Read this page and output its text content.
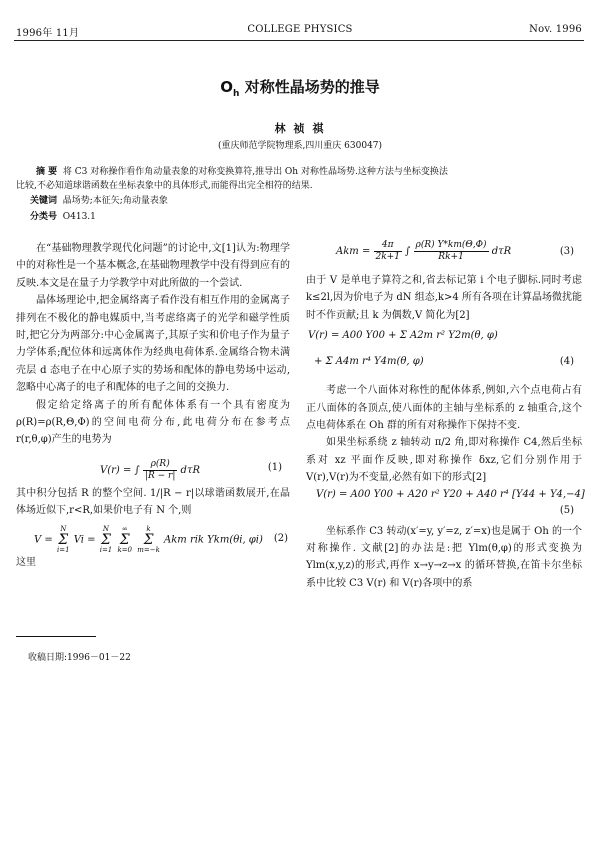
1996年 11月	COLLEGE PHYSICS	Nov. 1996
$O_h$ 对称性晶场势的推导
林 祯 祺
(重庆师范学院物理系,四川重庆 630047)
摘 要 将 C3 对称操作看作角动量表象的对称变换算符,推导出 Oh 对称性晶场势.这种方法与坐标变换法
比较,不必知道球谐函数在坐标表象中的具体形式,而能得出完全相符的结果.
关键词 晶场势;本征矢;角动量表象
分类号 O413.1

在“基础物理教学现代化问题”的讨论中,文[1]认为:物理学中的对称性是一个基本概念,在基础物理教学中没有得到应有的反映.本文是在量子力学教学中对此所做的一个尝试.

晶体场理论中,把金属络离子看作没有相互作用的金属离子排列在不极化的静电媒质中,当考虑络离子的光学和磁学性质时,把它分为两部分:中心金属离子,其原子实和价电子作为量子力学体系;配位体和远离体作为经典电荷体系.金属络合物未满壳层 d 态电子在中心原子实的势场和配体的静电势场中运动,忽略中心离子的电子和配体的电子之间的交换力.

假定给定络离子的所有配体体系有一个具有密度为 ρ(R)=ρ(R,Θ,Φ)的空间电荷分布,此电荷分布在参考点 r(r,θ,φ)产生的电势为

V(r) = ∫ $\frac{\rho(R)}{|R - r|}$ dτR	(1)

其中积分包括 R 的整个空间. 1/|R − r|以球谐函数展开,在晶体场近似下,r<R,如果价电子有 N 个,则

V = N
Σ
i=1 Vi = N
Σ
i=1 ∞
Σ
k=0 k
Σ
m=−k Akm rik Ykm(θi, φi) (2)

这里

收稿日期:1996－01－22
Akm = $\frac{4\pi}{2k+1}$ ∫ $\frac{\rho(R) Y*km(\Theta,\Phi)}{Rk+1}$ dτR	(3)

由于 V 是单电子算符之和,省去标记第 i 个电子脚标.同时考虑 k≤2l,因为价电子为 dN 组态,k>4 所有各项在计算晶场微扰能时不作贡献;且 k 为偶数,V 简化为[2]

V(r) = A00 Y00 + Σ A2m r² Y2m(θ, φ)
+ Σ A4m r⁴ Y4m(θ, φ)	(4)

考虑一个八面体对称性的配体体系,例如,六个点电荷占有正八面体的各顶点,使八面体的主轴与坐标系的 z 轴重合,这个点电荷体系在 Oh 群的所有对称操作下保持不变.

如果坐标系绕 z 轴转动 π/2 角,即对称操作 C4,然后坐标系对 xz 平面作反映,即对称操作 δxz,它们分别作用于 V(r),V(r)为不变量,必然有如下的形式[2]

V(r) = A00 Y00 + A20 r² Y20 + A40 r⁴ [Y44 + Y4,−4]
(5)

坐标系作 C3 转动(x′=y, y′=z, z′=x)也是属于 Oh 的一个对称操作. 文献[2]的办法是:把 Ylm(θ,φ)的形式变换为 Ylm(x,y,z)的形式,再作 x→y→z→x 的循环替换,在笛卡尔坐标系中比较 C3 V(r) 和 V(r)各项中的系
